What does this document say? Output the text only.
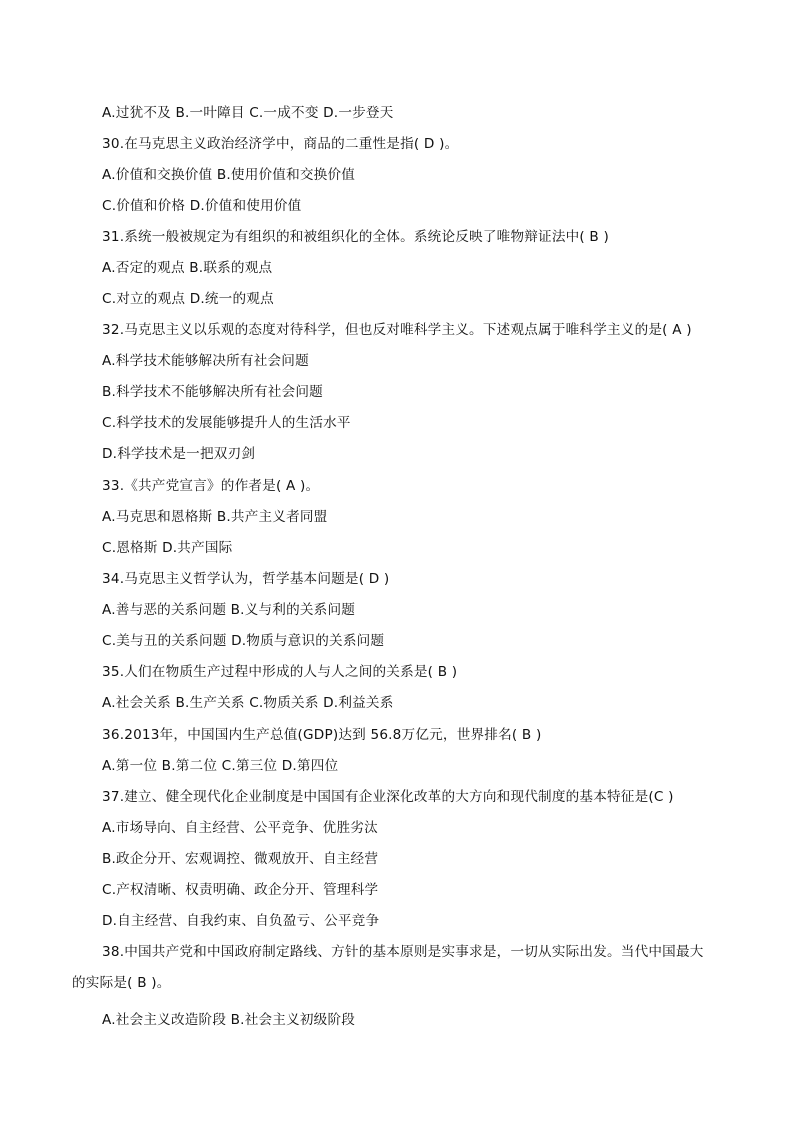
A.过犹不及 B.一叶障目 C.一成不变 D.一步登天
30.在马克思主义政治经济学中，商品的二重性是指( D )。
A.价值和交换价值 B.使用价值和交换价值
C.价值和价格 D.价值和使用价值
31.系统一般被规定为有组织的和被组织化的全体。系统论反映了唯物辩证法中( B )
A.否定的观点 B.联系的观点
C.对立的观点 D.统一的观点
32.马克思主义以乐观的态度对待科学，但也反对唯科学主义。下述观点属于唯科学主义的是( A )
A.科学技术能够解决所有社会问题
B.科学技术不能够解决所有社会问题
C.科学技术的发展能够提升人的生活水平
D.科学技术是一把双刃剑
33.《共产党宣言》的作者是( A )。
A.马克思和恩格斯 B.共产主义者同盟
C.恩格斯 D.共产国际
34.马克思主义哲学认为，哲学基本问题是( D )
A.善与恶的关系问题 B.义与利的关系问题
C.美与丑的关系问题 D.物质与意识的关系问题
35.人们在物质生产过程中形成的人与人之间的关系是( B )
A.社会关系 B.生产关系 C.物质关系 D.利益关系
36.2013年，中国国内生产总值(GDP)达到 56.8万亿元，世界排名( B )
A.第一位 B.第二位 C.第三位 D.第四位
37.建立、健全现代化企业制度是中国国有企业深化改革的大方向和现代制度的基本特征是(C )
A.市场导向、自主经营、公平竞争、优胜劣汰
B.政企分开、宏观调控、微观放开、自主经营
C.产权清晰、权责明确、政企分开、管理科学
D.自主经营、自我约束、自负盈亏、公平竞争
38.中国共产党和中国政府制定路线、方针的基本原则是实事求是，一切从实际出发。当代中国最大
的实际是( B )。
A.社会主义改造阶段 B.社会主义初级阶段
